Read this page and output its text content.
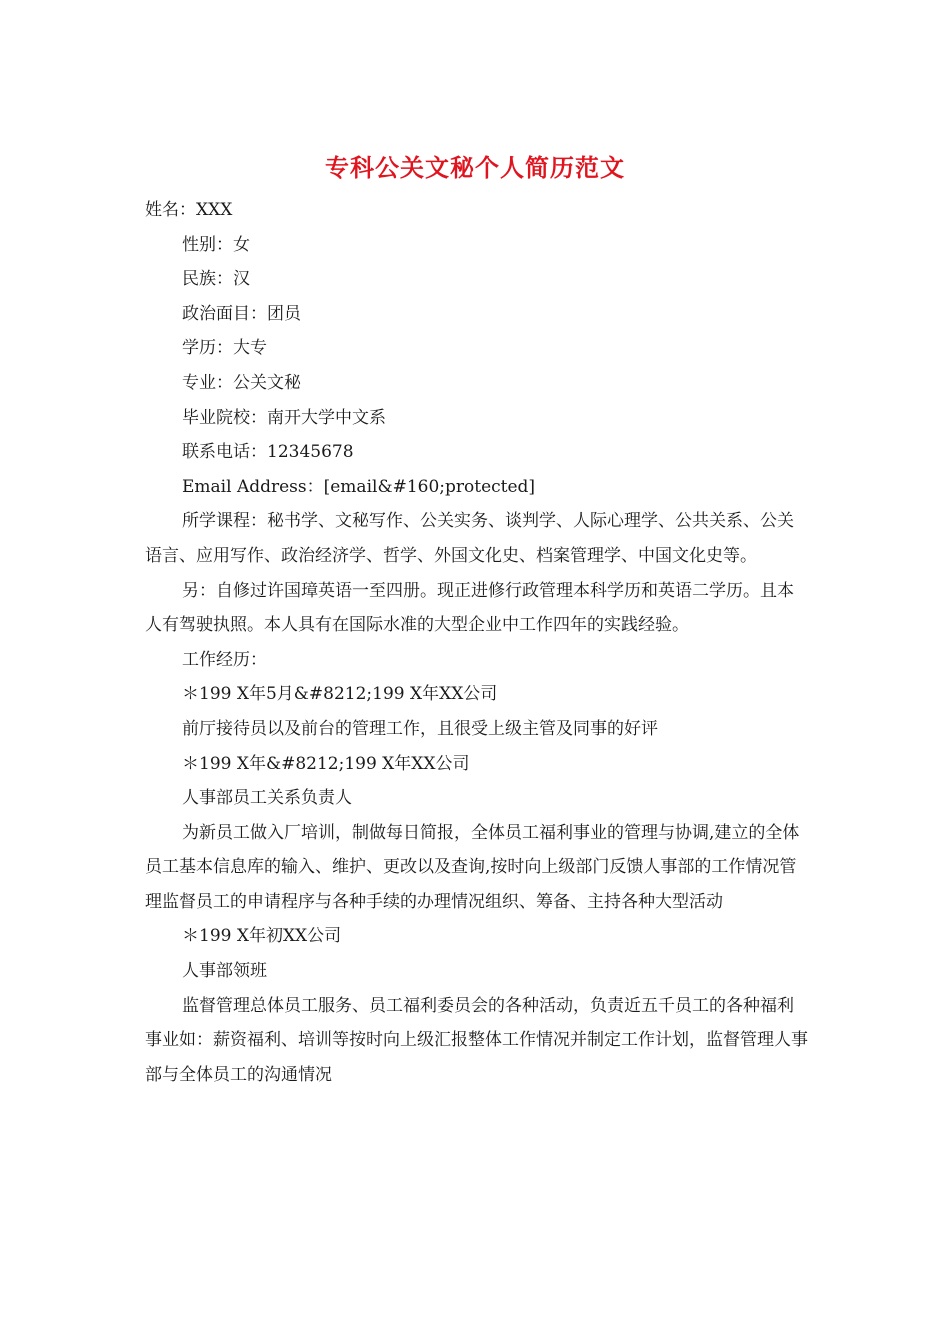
专科公关文秘个人简历范文

姓名：XXX

性别：女

民族：汉

政治面目：团员

学历：大专

专业：公关文秘

毕业院校：南开大学中文系

联系电话：12345678

Email Address：[email&#160;protected]

所学课程：秘书学、文秘写作、公关实务、谈判学、人际心理学、公共关系、公关语言、应用写作、政治经济学、哲学、外国文化史、档案管理学、中国文化史等。

另：自修过许国璋英语一至四册。现正进修行政管理本科学历和英语二学历。且本人有驾驶执照。本人具有在国际水准的大型企业中工作四年的实践经验。

工作经历：

＊199 X年5月&#8212;199 X年XX公司

前厅接待员以及前台的管理工作，且很受上级主管及同事的好评

＊199 X年&#8212;199 X年XX公司

人事部员工关系负责人

为新员工做入厂培训，制做每日简报，全体员工福利事业的管理与协调,建立的全体员工基本信息库的输入、维护、更改以及查询,按时向上级部门反馈人事部的工作情况管理监督员工的申请程序与各种手续的办理情况组织、筹备、主持各种大型活动

＊199 X年初XX公司

人事部领班

监督管理总体员工服务、员工福利委员会的各种活动，负责近五千员工的各种福利事业如：薪资福利、培训等按时向上级汇报整体工作情况并制定工作计划，监督管理人事部与全体员工的沟通情况
